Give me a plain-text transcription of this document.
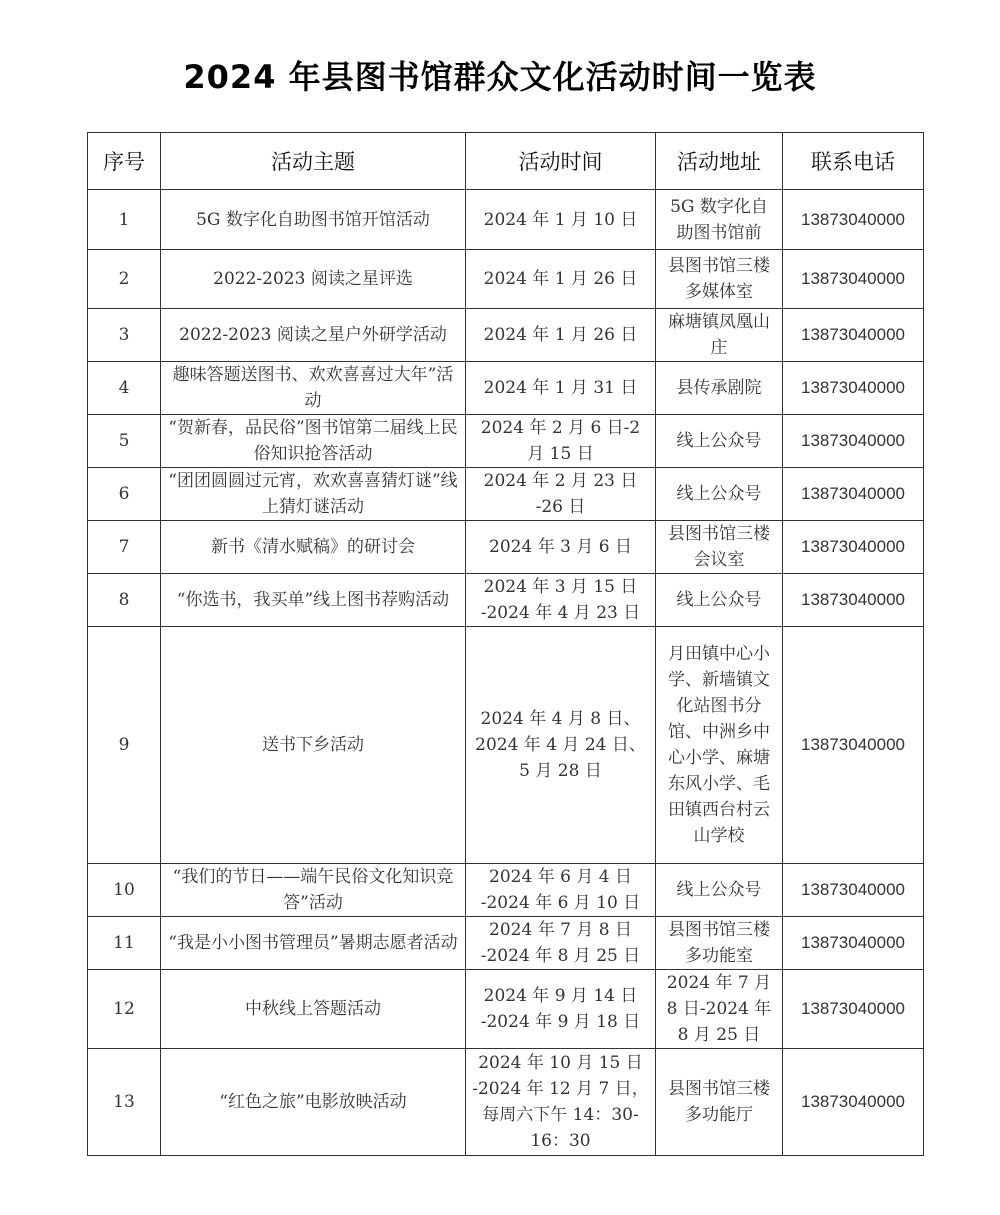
2024 年县图书馆群众文化活动时间一览表
序号	活动主题	活动时间	活动地址	联系电话
1	5G 数字化自助图书馆开馆活动	2024 年 1 月 10 日	5G 数字化自助图书馆前	13873040000
2	2022-2023 阅读之星评选	2024 年 1 月 26 日	县图书馆三楼多媒体室	13873040000
3	2022-2023 阅读之星户外研学活动	2024 年 1 月 26 日	麻塘镇凤凰山庄	13873040000
4	趣味答题送图书、欢欢喜喜过大年”活动	2024 年 1 月 31 日	县传承剧院	13873040000
5	“贺新春，品民俗”图书馆第二届线上民俗知识抢答活动	2024 年 2 月 6 日-2 月 15 日	线上公众号	13873040000
6	“团团圆圆过元宵，欢欢喜喜猜灯谜”线上猜灯谜活动	2024 年 2 月 23 日 -26 日	线上公众号	13873040000
7	新书《清水赋稿》的研讨会	2024 年 3 月 6 日	县图书馆三楼会议室	13873040000
8	“你选书，我买单”线上图书荐购活动	2024 年 3 月 15 日 -2024 年 4 月 23 日	线上公众号	13873040000
9	送书下乡活动	2024 年 4 月 8 日、2024 年 4 月 24 日、5 月 28 日	月田镇中心小学、新墙镇文化站图书分馆、中洲乡中心小学、麻塘东风小学、毛田镇西台村云山学校	13873040000
10	“我们的节日——端午民俗文化知识竞答”活动	2024 年 6 月 4 日 -2024 年 6 月 10 日	线上公众号	13873040000
11	“我是小小图书管理员”暑期志愿者活动	2024 年 7 月 8 日 -2024 年 8 月 25 日	县图书馆三楼多功能室	13873040000
12	中秋线上答题活动	2024 年 9 月 14 日 -2024 年 9 月 18 日	2024 年 7 月 8 日-2024 年 8 月 25 日	13873040000
13	“红色之旅”电影放映活动	2024 年 10 月 15 日 -2024 年 12 月 7 日，每周六下午 14：30-16：30	县图书馆三楼多功能厅	13873040000
